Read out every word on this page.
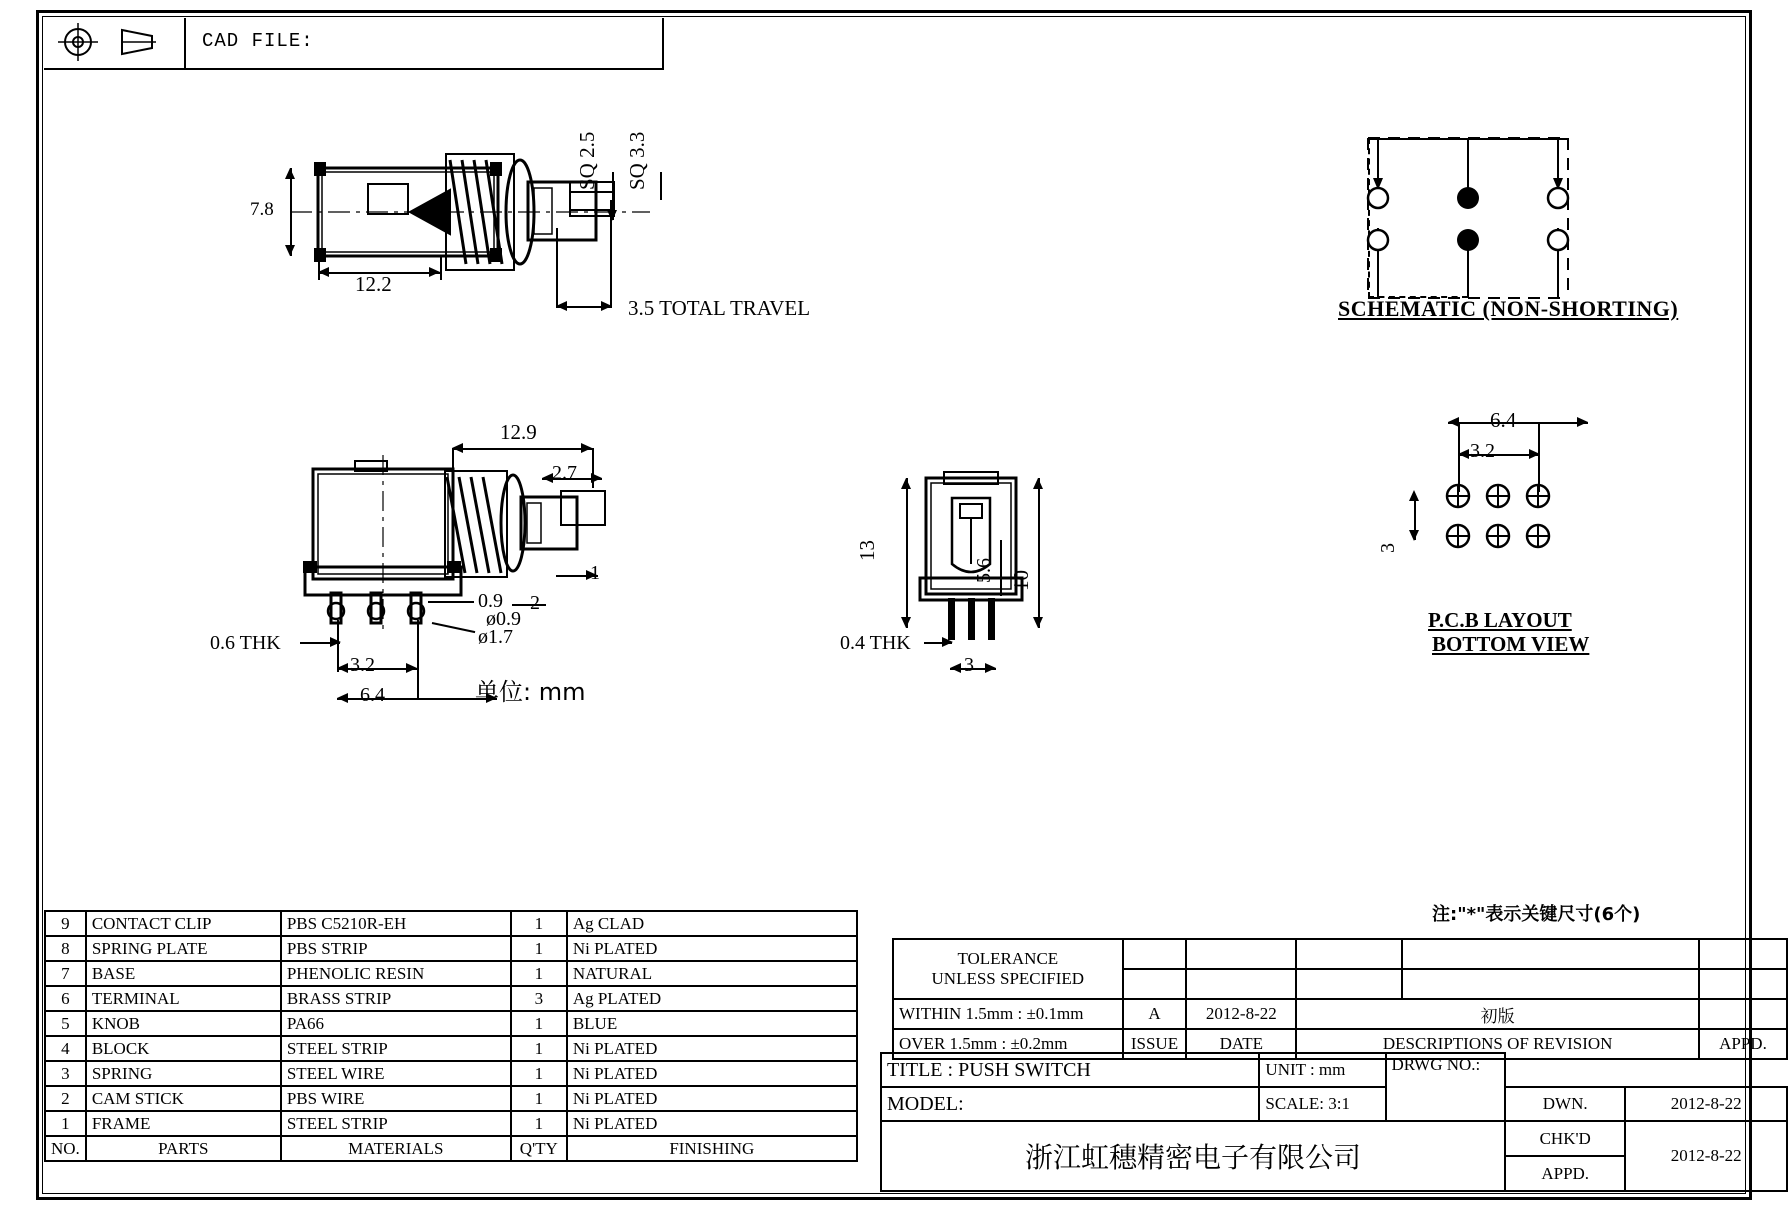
CAD FILE:
7.8
12.2
SQ 2.5 SQ 3.3
3.5 TOTAL TRAVEL
12.9
2.7
1
2
0.9
ø0.9
ø1.7
0.6 THK
3.2
6.4	单位: mm
13
10
5.6
0.4 THK
3
SCHEMATIC (NON-SHORTING)
6.4
3.2
3
P.C.B LAYOUT
BOTTOM VIEW
注:"*"表示关键尺寸(6个)
9	CONTACT CLIP	PBS C5210R-EH	1	Ag CLAD
8	SPRING PLATE	PBS STRIP	1	Ni PLATED
7	BASE	PHENOLIC RESIN	1	NATURAL
6	TERMINAL	BRASS STRIP	3	Ag PLATED
5	KNOB	PA66	1	BLUE
4	BLOCK	STEEL STRIP	1	Ni PLATED
3	SPRING	STEEL WIRE	1	Ni PLATED
2	CAM STICK	PBS WIRE	1	Ni PLATED
1	FRAME	STEEL STRIP	1	Ni PLATED
NO.	PARTS	MATERIALS	Q'TY	FINISHING
TOLERANCE
UNLESS SPECIFIED					

WITHIN 1.5mm : ±0.1mm	A	2012-8-22	初版		
OVER 1.5mm : ±0.2mm	ISSUE	DATE	DESCRIPTIONS OF REVISION		APPD.
TITLE : PUSH SWITCH	UNIT : mm	DRWG NO.:		
MODEL:	SCALE: 3:1		DWN.	2012-8-22
浙江虹穗精密电子有限公司			CHK'D	2012-8-22
			APPD.	
